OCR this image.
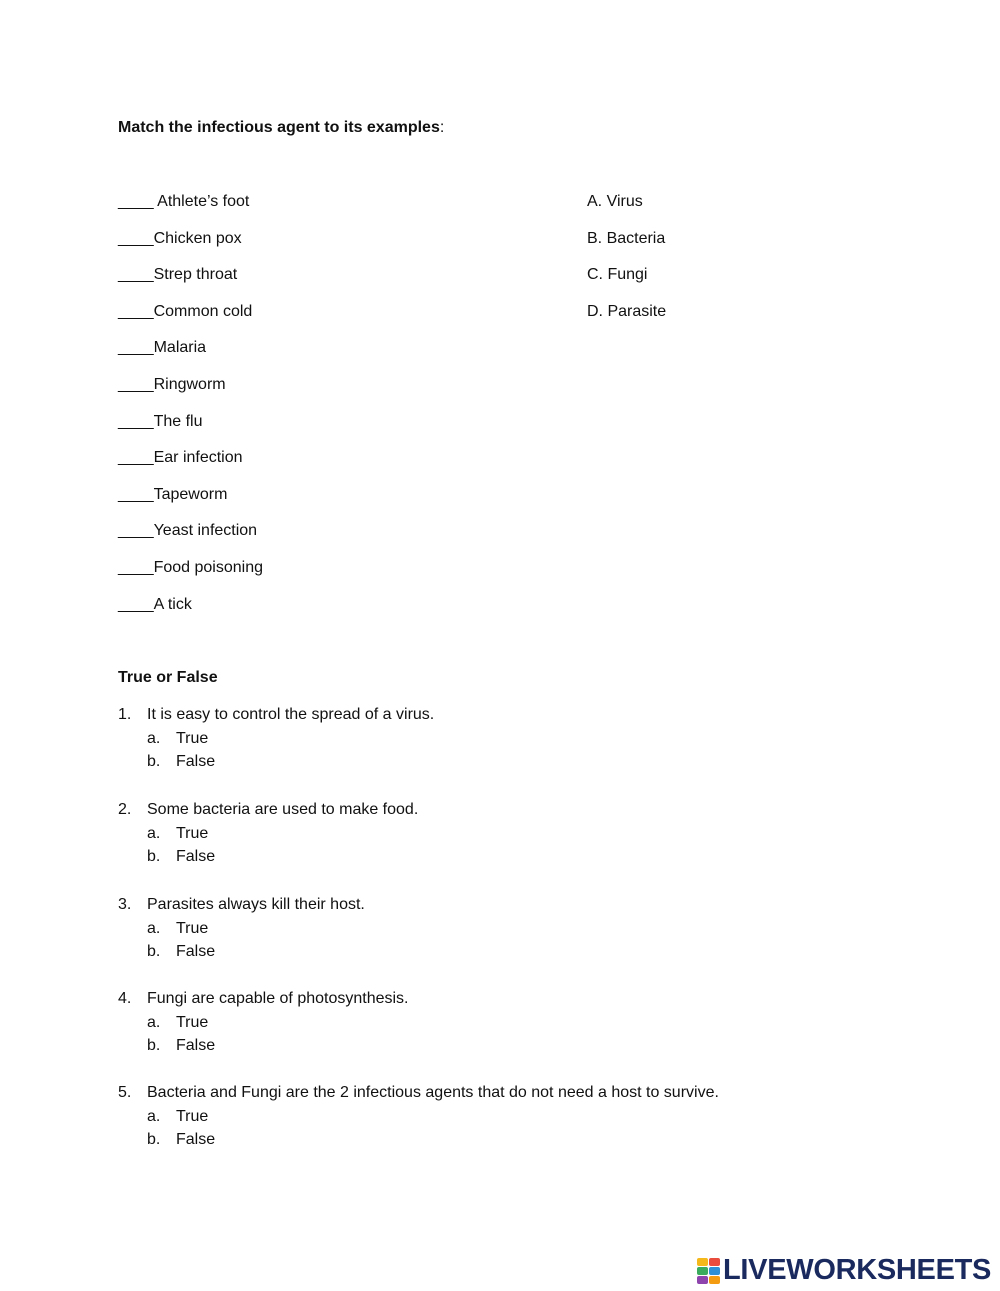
Match the infectious agent to its examples:
____ Athlete’s foot
____Chicken pox
____Strep throat
____Common cold
____Malaria
____Ringworm
____The flu
____Ear infection
____Tapeworm
____Yeast infection
____Food poisoning
____A tick
A. Virus
B. Bacteria
C. Fungi
D. Parasite
True or False
1. It is easy to control the spread of a virus.
a. True
b. False
2. Some bacteria are used to make food.
a. True
b. False
3. Parasites always kill their host.
a. True
b. False
4. Fungi are capable of photosynthesis.
a. True
b. False
5. Bacteria and Fungi are the 2 infectious agents that do not need a host to survive.
a. True
b. False
LIVEWORKSHEETS
